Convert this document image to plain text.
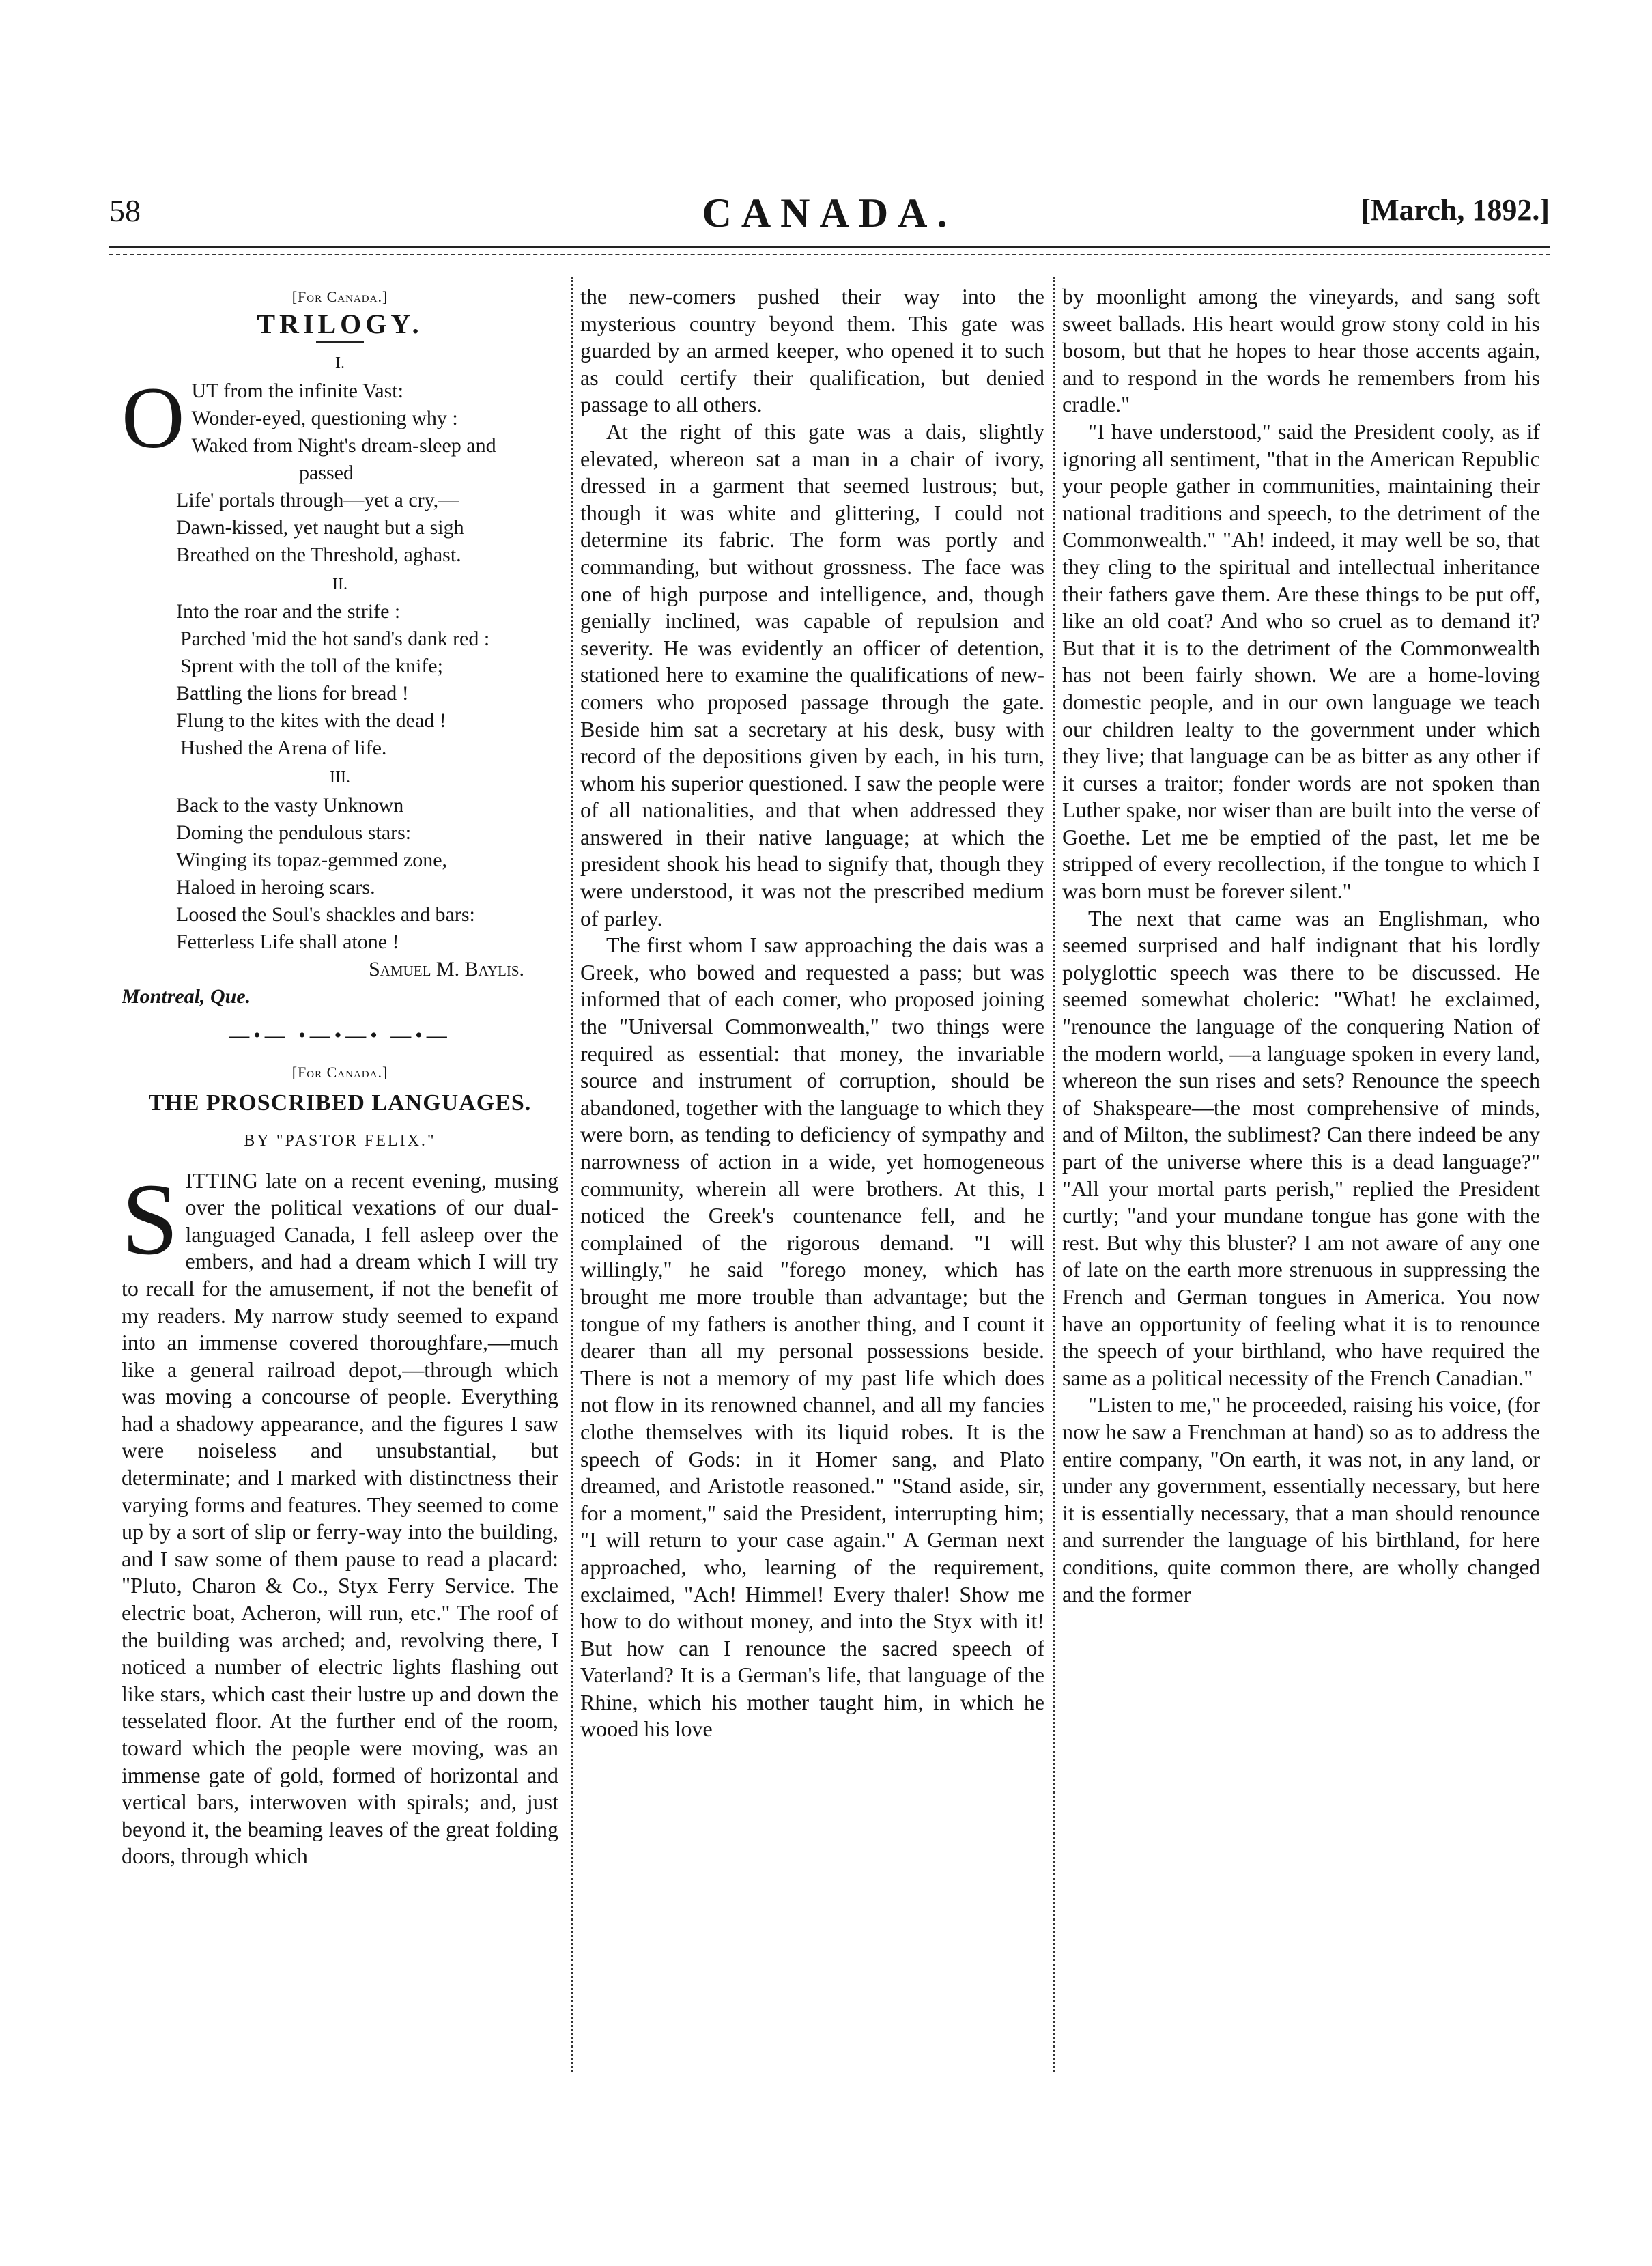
58	CANADA.	[March, 1892.]
[For Canada.]
TRILOGY.
I.
O UT from the infinite Vast:
Wonder-eyed, questioning why :
Waked from Night's dream-sleep and
passed
Life' portals through—yet a cry,—
Dawn-kissed, yet naught but a sigh
Breathed on the Threshold, aghast.
II.
Into the roar and the strife :
Parched 'mid the hot sand's dank red :
Sprent with the toll of the knife;
Battling the lions for bread !
Flung to the kites with the dead !
Hushed the Arena of life.
III.
Back to the vasty Unknown
Doming the pendulous stars:
Winging its topaz-gemmed zone,
Haloed in heroing scars.
Loosed the Soul's shackles and bars:
Fetterless Life shall atone !
Samuel M. Baylis.
Montreal, Que.
—•— •—•—• —•—
[For Canada.]
THE PROSCRIBED LANGUAGES.
BY "PASTOR FELIX."

SITTING late on a recent evening, musing over the political vexations of our dual-languaged Canada, I fell asleep over the embers, and had a dream which I will try to recall for the amusement, if not the benefit of my readers. My narrow study seemed to expand into an immense covered thoroughfare,—much like a general railroad depot,—through which was moving a concourse of people. Everything had a shadowy appearance, and the figures I saw were noiseless and unsubstantial, but determinate; and I marked with distinctness their varying forms and features. They seemed to come up by a sort of slip or ferry-way into the building, and I saw some of them pause to read a placard: "Pluto, Charon & Co., Styx Ferry Service. The electric boat, Acheron, will run, etc." The roof of the building was arched; and, revolving there, I noticed a number of electric lights flashing out like stars, which cast their lustre up and down the tesselated floor. At the further end of the room, toward which the people were moving, was an immense gate of gold, formed of horizontal and vertical bars, interwoven with spirals; and, just beyond it, the beaming leaves of the great folding doors, through which

the new-comers pushed their way into the mysterious country beyond them. This gate was guarded by an armed keeper, who opened it to such as could certify their qualification, but denied passage to all others.

At the right of this gate was a dais, slightly elevated, whereon sat a man in a chair of ivory, dressed in a garment that seemed lustrous; but, though it was white and glittering, I could not determine its fabric. The form was portly and commanding, but without grossness. The face was one of high purpose and intelligence, and, though genially inclined, was capable of repulsion and severity. He was evidently an officer of detention, stationed here to examine the qualifications of new-comers who proposed passage through the gate. Beside him sat a secretary at his desk, busy with record of the depositions given by each, in his turn, whom his superior questioned. I saw the people were of all nationalities, and that when addressed they answered in their native language; at which the president shook his head to signify that, though they were understood, it was not the prescribed medium of parley.

The first whom I saw approaching the dais was a Greek, who bowed and requested a pass; but was informed that of each comer, who proposed joining the "Universal Commonwealth," two things were required as essential: that money, the invariable source and instrument of corruption, should be abandoned, together with the language to which they were born, as tending to deficiency of sympathy and narrowness of action in a wide, yet homogeneous community, wherein all were brothers. At this, I noticed the Greek's countenance fell, and he complained of the rigorous demand. "I will willingly," he said "forego money, which has brought me more trouble than advantage; but the tongue of my fathers is another thing, and I count it dearer than all my personal possessions beside. There is not a memory of my past life which does not flow in its renowned channel, and all my fancies clothe themselves with its liquid robes. It is the speech of Gods: in it Homer sang, and Plato dreamed, and Aristotle reasoned." "Stand aside, sir, for a moment," said the President, interrupting him; "I will return to your case again." A German next approached, who, learning of the requirement, exclaimed, "Ach! Himmel! Every thaler! Show me how to do without money, and into the Styx with it! But how can I renounce the sacred speech of Vaterland? It is a German's life, that language of the Rhine, which his mother taught him, in which he wooed his love

by moonlight among the vineyards, and sang soft sweet ballads. His heart would grow stony cold in his bosom, but that he hopes to hear those accents again, and to respond in the words he remembers from his cradle."

"I have understood," said the President cooly, as if ignoring all sentiment, "that in the American Republic your people gather in communities, maintaining their national traditions and speech, to the detriment of the Commonwealth." "Ah! indeed, it may well be so, that they cling to the spiritual and intellectual inheritance their fathers gave them. Are these things to be put off, like an old coat? And who so cruel as to demand it? But that it is to the detriment of the Commonwealth has not been fairly shown. We are a home-loving domestic people, and in our own language we teach our children lealty to the government under which they live; that language can be as bitter as any other if it curses a traitor; fonder words are not spoken than Luther spake, nor wiser than are built into the verse of Goethe. Let me be emptied of the past, let me be stripped of every recollection, if the tongue to which I was born must be forever silent."

The next that came was an Englishman, who seemed surprised and half indignant that his lordly polyglottic speech was there to be discussed. He seemed somewhat choleric: "What! he exclaimed, "renounce the language of the conquering Nation of the modern world, —a language spoken in every land, whereon the sun rises and sets? Renounce the speech of Shakspeare—the most comprehensive of minds, and of Milton, the sublimest? Can there indeed be any part of the universe where this is a dead language?" "All your mortal parts perish," replied the President curtly; "and your mundane tongue has gone with the rest. But why this bluster? I am not aware of any one of late on the earth more strenuous in suppressing the French and German tongues in America. You now have an opportunity of feeling what it is to renounce the speech of your birthland, who have required the same as a political necessity of the French Canadian."

"Listen to me," he proceeded, raising his voice, (for now he saw a Frenchman at hand) so as to address the entire company, "On earth, it was not, in any land, or under any government, essentially necessary, but here it is essentially necessary, that a man should renounce and surrender the language of his birthland, for here conditions, quite common there, are wholly changed and the former
